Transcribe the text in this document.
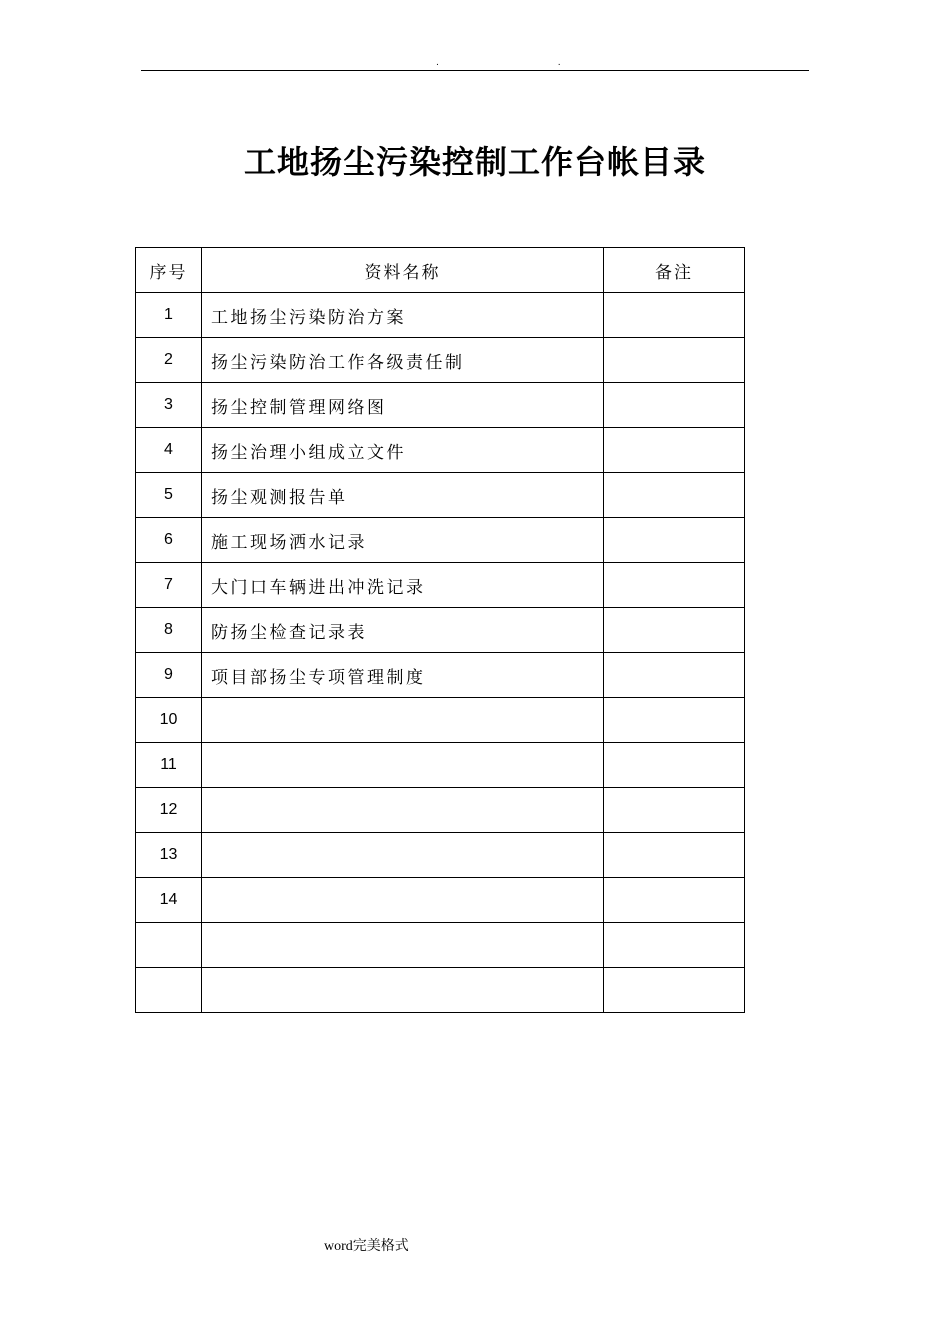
. .
工地扬尘污染控制工作台帐目录
序号	资料名称	备注
1	工地扬尘污染防治方案	
2	扬尘污染防治工作各级责任制	
3	扬尘控制管理网络图	
4	扬尘治理小组成立文件	
5	扬尘观测报告单	
6	施工现场洒水记录	
7	大门口车辆进出冲洗记录	
8	防扬尘检查记录表	
9	项目部扬尘专项管理制度	
10		
11		
12		
13		
14		

word完美格式
